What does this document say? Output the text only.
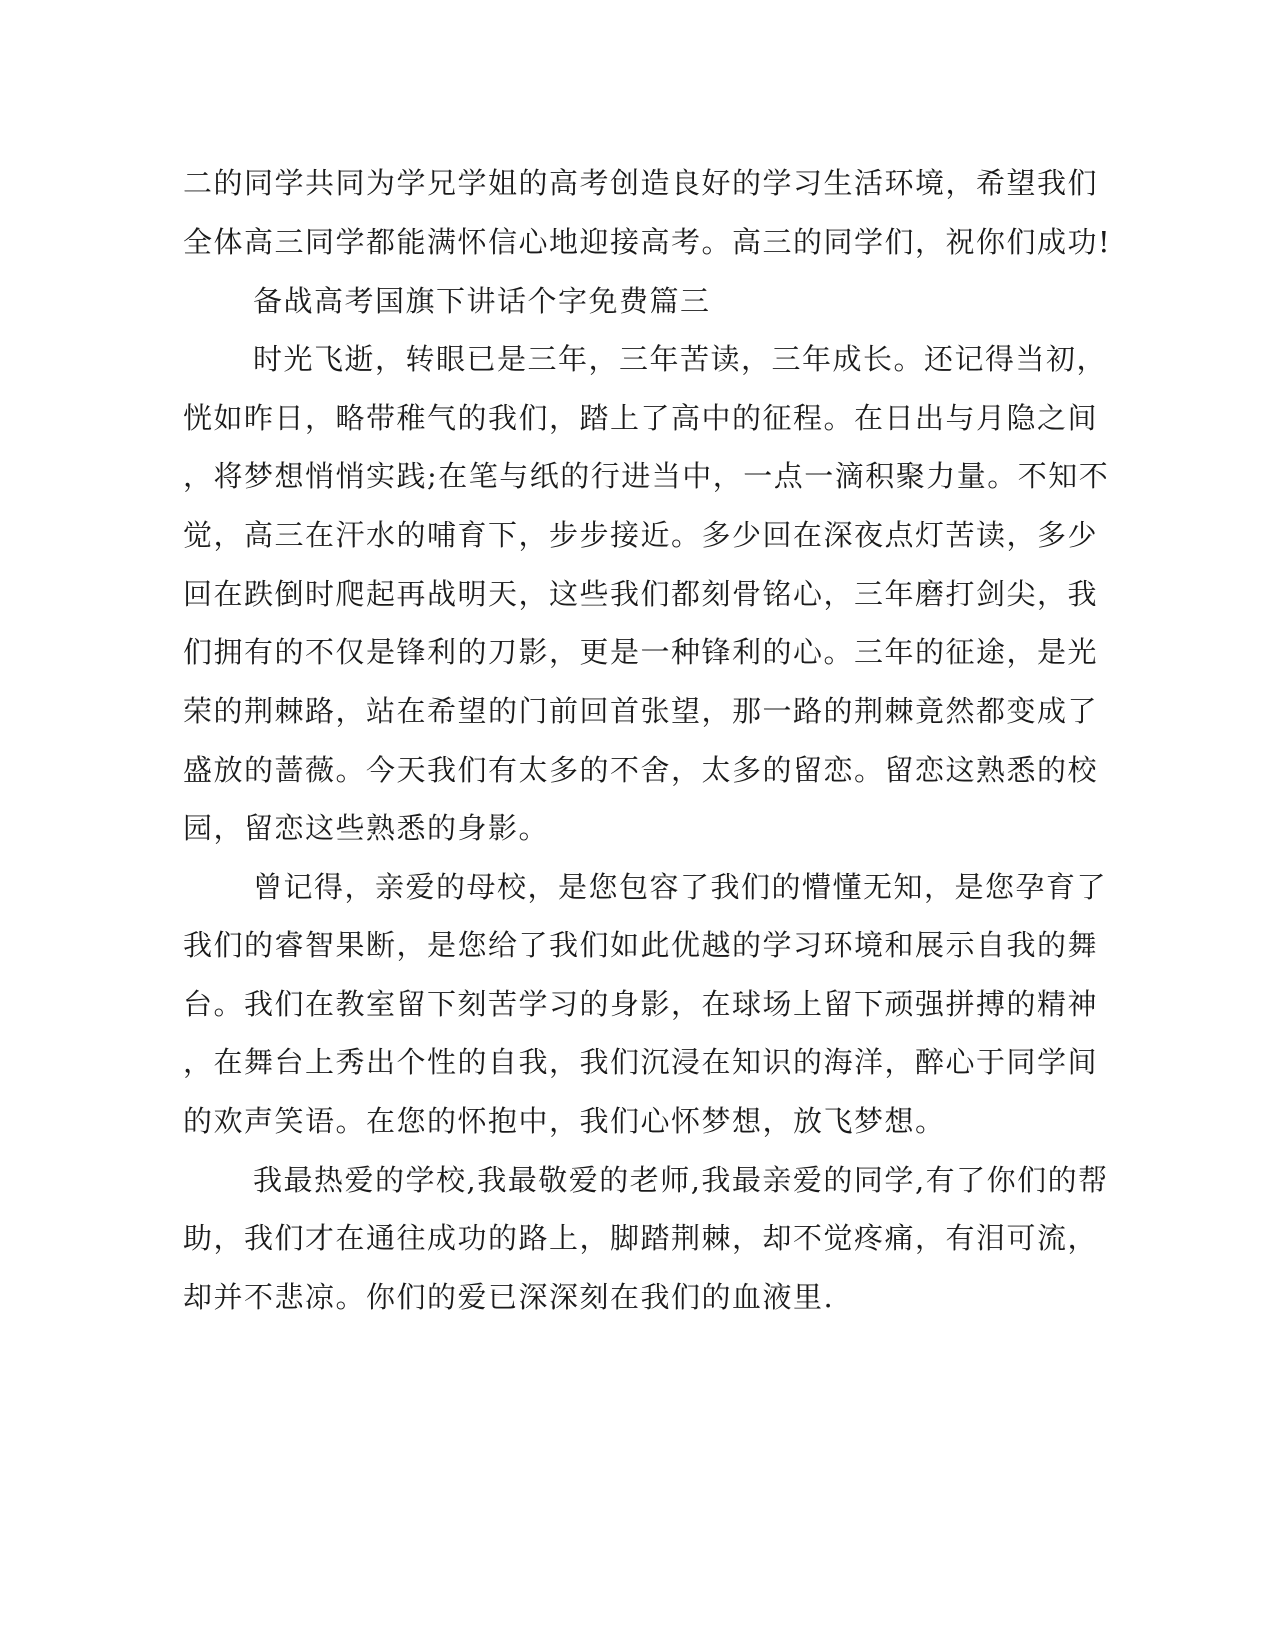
二的同学共同为学兄学姐的高考创造良好的学习生活环境，希望我们
全体高三同学都能满怀信心地迎接高考。高三的同学们，祝你们成功!
备战高考国旗下讲话个字免费篇三
时光飞逝，转眼已是三年，三年苦读，三年成长。还记得当初，
恍如昨日，略带稚气的我们，踏上了高中的征程。在日出与月隐之间
，将梦想悄悄实践;在笔与纸的行进当中，一点一滴积聚力量。不知不
觉，高三在汗水的哺育下，步步接近。多少回在深夜点灯苦读，多少
回在跌倒时爬起再战明天，这些我们都刻骨铭心，三年磨打剑尖，我
们拥有的不仅是锋利的刀影，更是一种锋利的心。三年的征途，是光
荣的荆棘路，站在希望的门前回首张望，那一路的荆棘竟然都变成了
盛放的蔷薇。今天我们有太多的不舍，太多的留恋。留恋这熟悉的校
园，留恋这些熟悉的身影。
曾记得，亲爱的母校，是您包容了我们的懵懂无知，是您孕育了
我们的睿智果断，是您给了我们如此优越的学习环境和展示自我的舞
台。我们在教室留下刻苦学习的身影，在球场上留下顽强拼搏的精神
，在舞台上秀出个性的自我，我们沉浸在知识的海洋，醉心于同学间
的欢声笑语。在您的怀抱中，我们心怀梦想，放飞梦想。
我最热爱的学校,我最敬爱的老师,我最亲爱的同学,有了你们的帮
助，我们才在通往成功的路上，脚踏荆棘，却不觉疼痛，有泪可流，
却并不悲凉。你们的爱已深深刻在我们的血液里.
